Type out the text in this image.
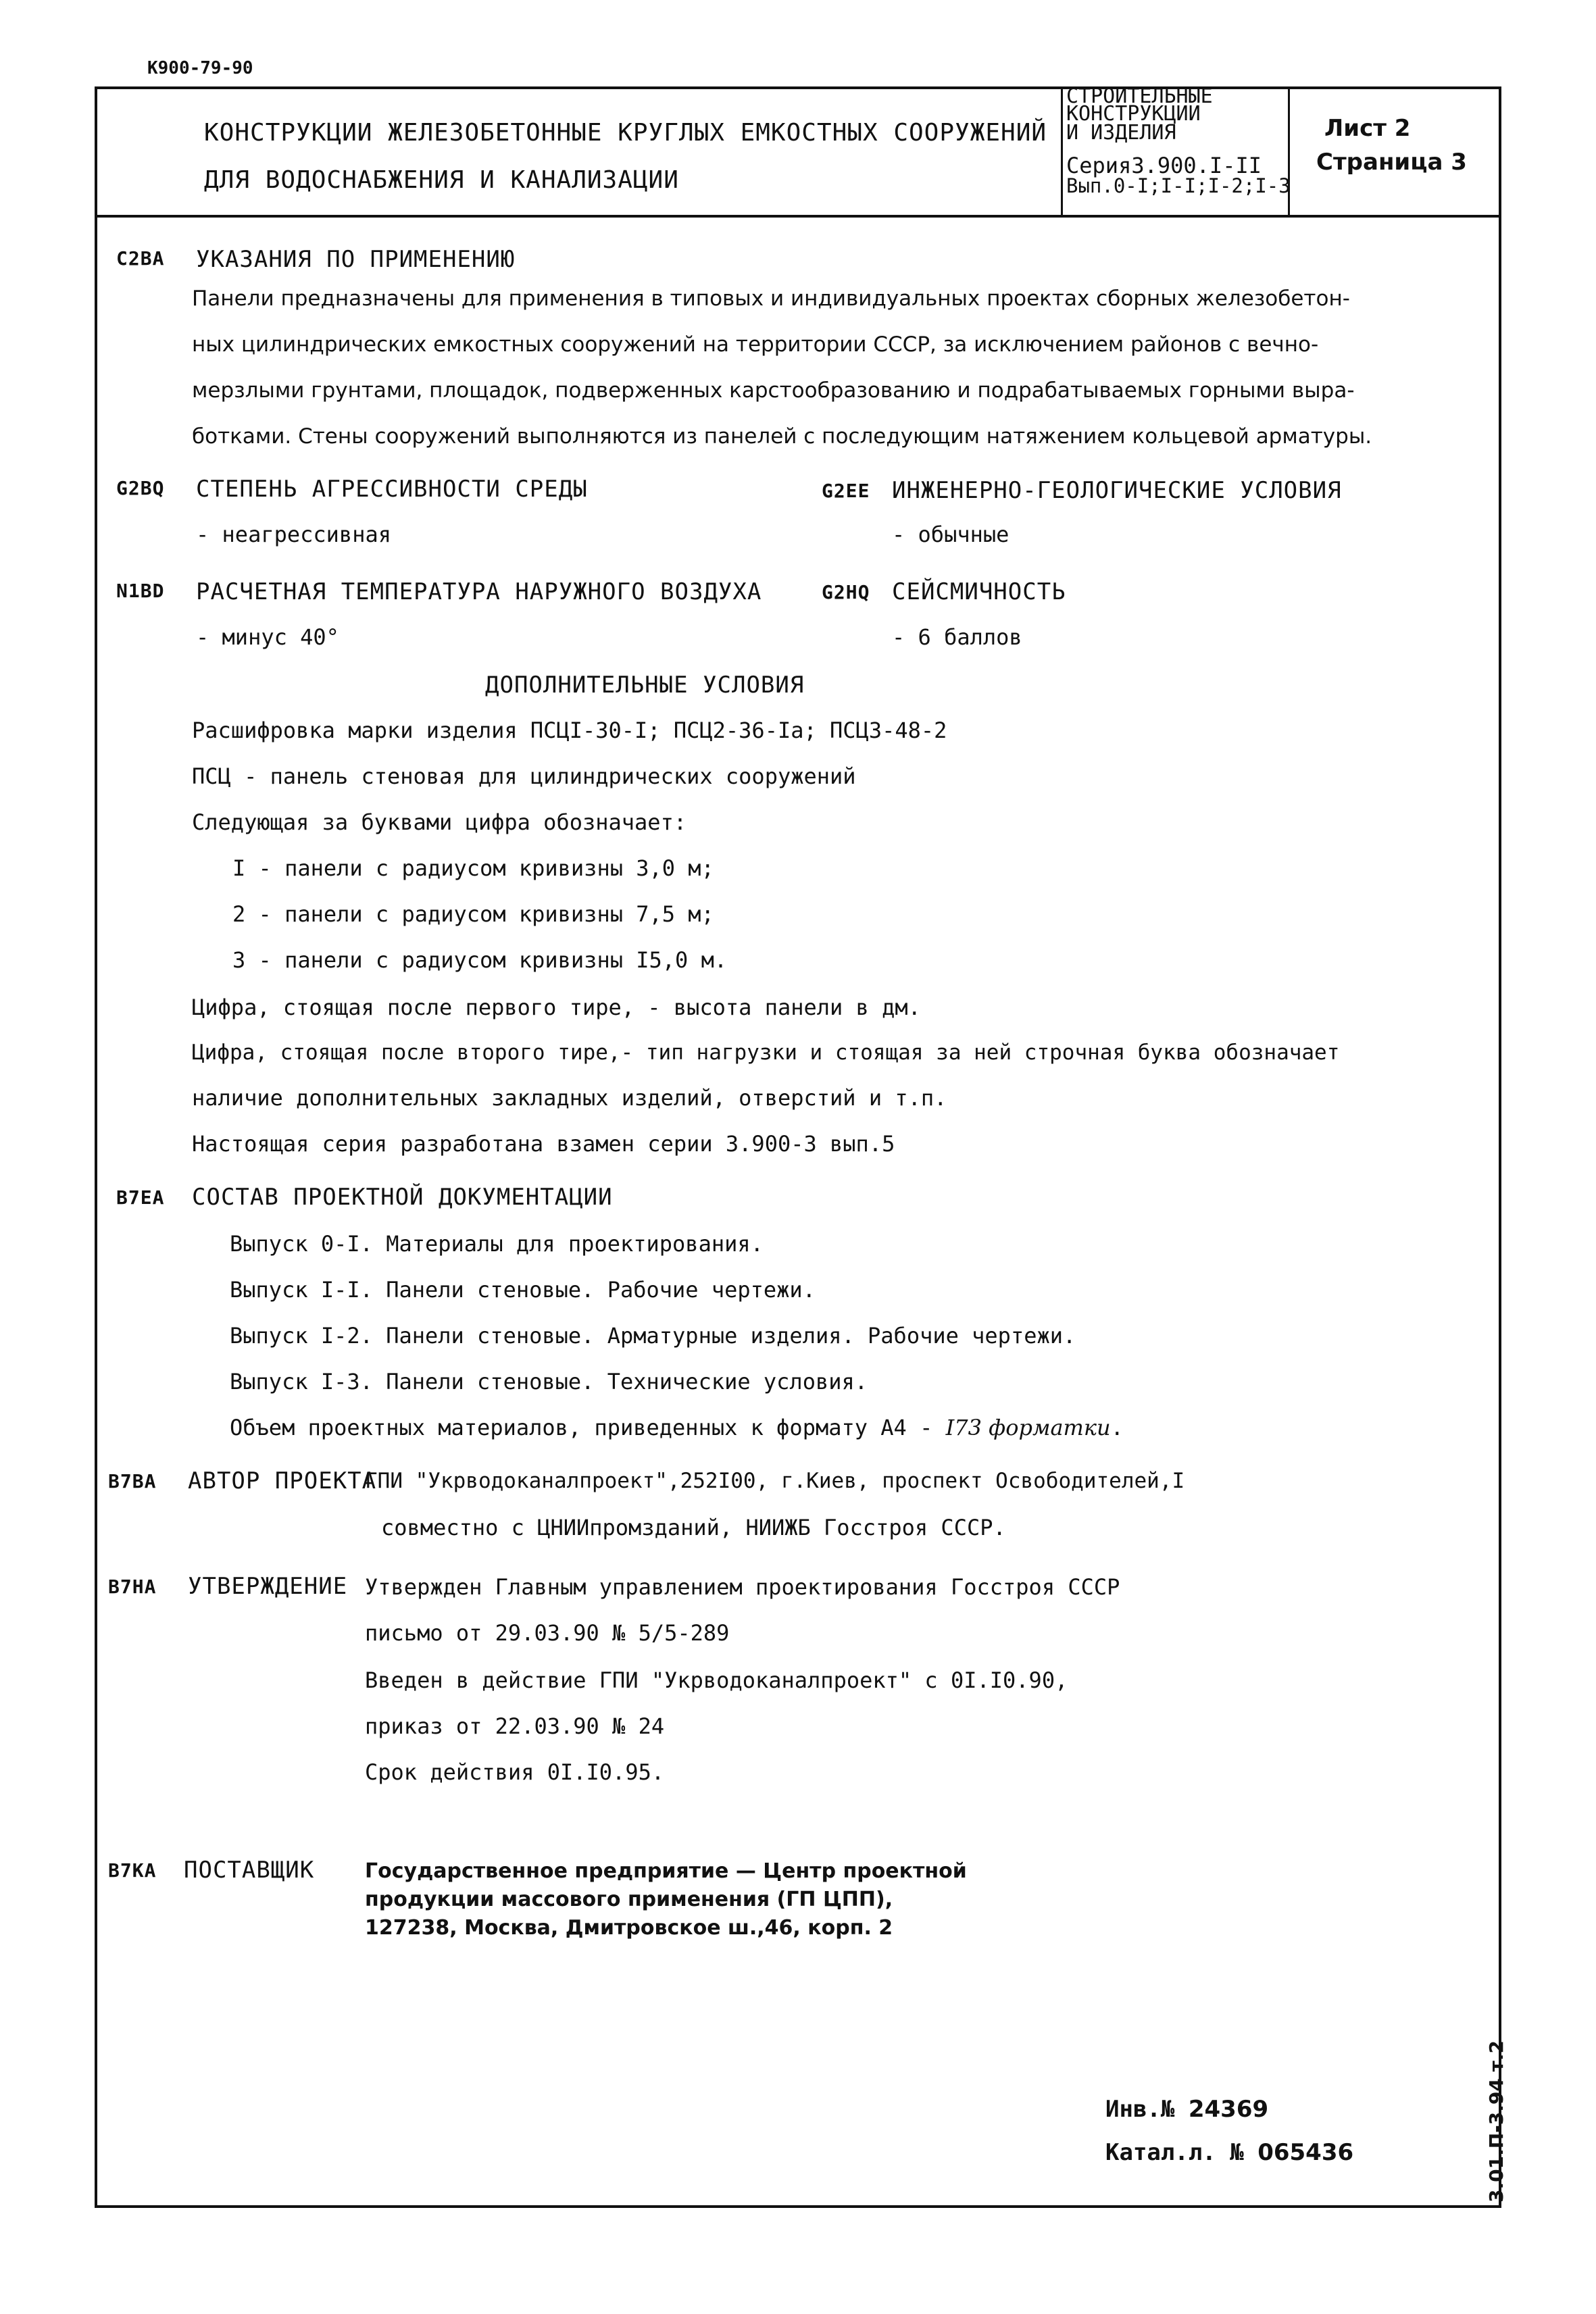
К900-79-90
КОНСТРУКЦИИ ЖЕЛЕЗОБЕТОННЫЕ КРУГЛЫХ ЕМКОСТНЫХ СООРУЖЕНИЙ
ДЛЯ ВОДОСНАБЖЕНИЯ И КАНАЛИЗАЦИИ
СТРОИТЕЛЬНЫЕ
КОНСТРУКЦИИ
И ИЗДЕЛИЯ
Серия3.900.I-II
Вып.0-I;I-I;I-2;I-3
Лист 2
Страница 3
С2ВА УКАЗАНИЯ ПО ПРИМЕНЕНИЮ
Панели предназначены для применения в типовых и индивидуальных проектах сборных железобетон-
ных цилиндрических емкостных сооружений на территории СССР, за исключением районов с вечно-
мерзлыми грунтами, площадок, подверженных карстообразованию и подрабатываемых горными выра-
ботками. Стены сооружений выполняются из панелей с последующим натяжением кольцевой арматуры.
G2BQ СТЕПЕНЬ АГРЕССИВНОСТИ СРЕДЫ
- неагрессивная
G2EE ИНЖЕНЕРНО-ГЕОЛОГИЧЕСКИЕ УСЛОВИЯ
- обычные
N1BD РАСЧЕТНАЯ ТЕМПЕРАТУРА НАРУЖНОГО ВОЗДУХА
- минус 40°
G2HQ СЕЙСМИЧНОСТЬ
- 6 баллов
ДОПОЛНИТЕЛЬНЫЕ УСЛОВИЯ
Расшифровка марки изделия ПСЦI-30-I; ПСЦ2-36-Iа; ПСЦ3-48-2
ПСЦ - панель стеновая для цилиндрических сооружений
Следующая за буквами цифра обозначает:
I - панели с радиусом кривизны 3,0 м;
2 - панели с радиусом кривизны 7,5 м;
3 - панели с радиусом кривизны I5,0 м.
Цифра, стоящая после первого тире, - высота панели в дм.
Цифра, стоящая после второго тире,- тип нагрузки и стоящая за ней строчная буква обозначает
наличие дополнительных закладных изделий, отверстий и т.п.
Настоящая серия разработана взамен серии 3.900-3 вып.5
В7ЕА СОСТАВ ПРОЕКТНОЙ ДОКУМЕНТАЦИИ
Выпуск 0-I. Материалы для проектирования.
Выпуск I-I. Панели стеновые. Рабочие чертежи.
Выпуск I-2. Панели стеновые. Арматурные изделия. Рабочие чертежи.
Выпуск I-3. Панели стеновые. Технические условия.
Объем проектных материалов, приведенных к формату А4 - I73 форматки.
В7ВА АВТОР ПРОЕКТА
ГПИ "Укрводоканалпроект",252I00, г.Киев, проспект Освободителей,I
совместно с ЦНИИпромзданий, НИИЖБ Госстроя СССР.
В7НА УТВЕРЖДЕНИЕ Утвержден Главным управлением проектирования Госстроя СССР
письмо от 29.03.90 № 5/5-289
Введен в действие ГПИ "Укрводоканалпроект" с 0I.I0.90,
приказ от 22.03.90 № 24
Срок действия 0I.I0.95.
В7КА ПОСТАВЩИК Государственное предприятие — Центр проектной
продукции массового применения (ГП ЦПП),
127238, Москва, Дмитровское ш.,46, корп. 2
Инв.№ 24369
Катал.л. № 065436	3.01.П-3.94 т.2
